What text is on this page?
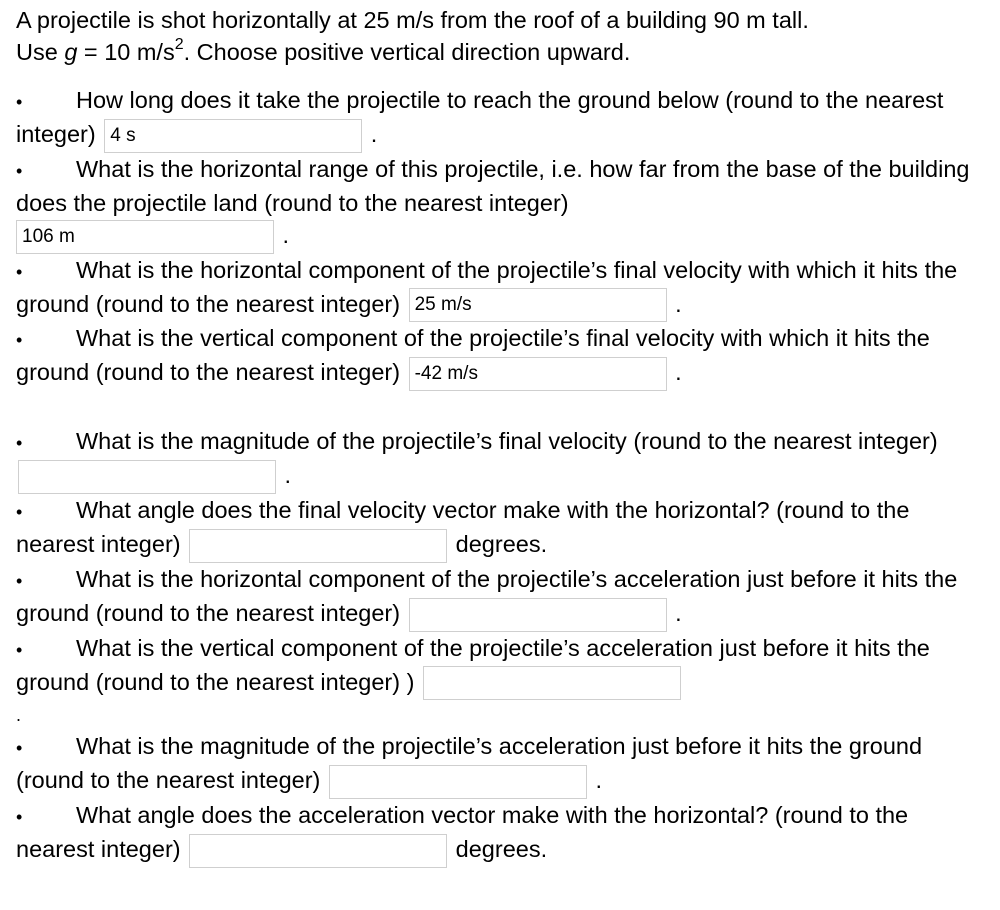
A projectile is shot horizontally at 25 m/s from the roof of a building 90 m tall.
Use g = 10 $m/s^2$. Choose positive vertical direction upward.

•How long does it take the projectile to reach the ground below (round to the nearest integer) 4 s	.

•What is the horizontal range of this projectile, i.e. how far from the base of the building does the projectile land (round to the nearest integer)
106 m	.

•What is the horizontal component of the projectile’s final velocity with which it hits the ground (round to the nearest integer) 25 m/s	.

•What is the vertical component of the projectile’s final velocity with which it hits the ground (round to the nearest integer) -42 m/s	.

•What is the magnitude of the projectile’s final velocity (round to the nearest integer)  .

•What angle does the final velocity vector make with the horizontal? (round to the nearest integer)	degrees.

•What is the horizontal component of the projectile’s acceleration just before it hits the ground (round to the nearest integer)	.

•What is the vertical component of the projectile’s acceleration just before it hits the ground (round to the nearest integer) )

.

•What is the magnitude of the projectile’s acceleration just before it hits the ground (round to the nearest integer)	.

•What angle does the acceleration vector make with the horizontal? (round to the nearest integer)	degrees.
